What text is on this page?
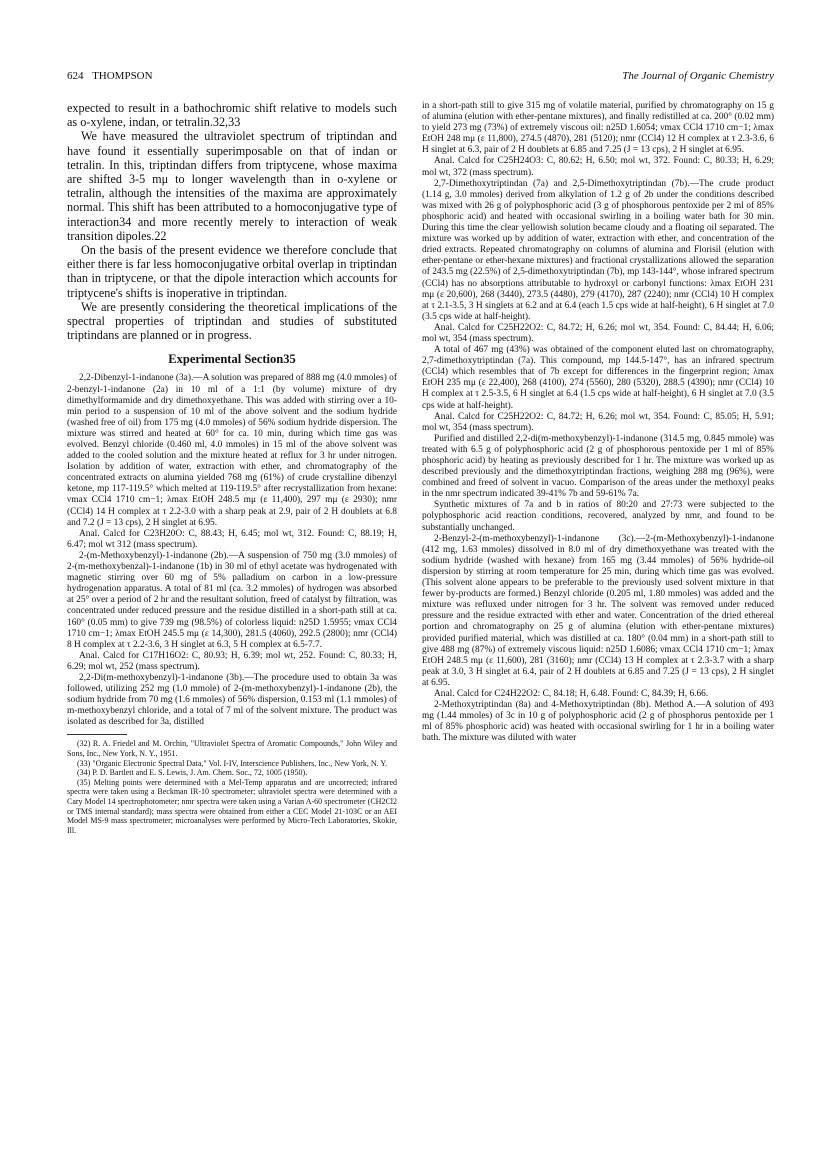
624 THOMPSON	The Journal of Organic Chemistry

expected to result in a bathochromic shift relative to models such as o-xylene, indan, or tetralin.32,33

We have measured the ultraviolet spectrum of triptindan and have found it essentially superimposable on that of indan or tetralin. In this, triptindan differs from triptycene, whose maxima are shifted 3-5 mμ to longer wavelength than in o-xylene or tetralin, although the intensities of the maxima are approximately normal. This shift has been attributed to a homoconjugative type of interaction34 and more recently merely to interaction of weak transition dipoles.22

On the basis of the present evidence we therefore conclude that either there is far less homoconjugative orbital overlap in triptindan than in triptycene, or that the dipole interaction which accounts for triptycene's shifts is inoperative in triptindan.

We are presently considering the theoretical implications of the spectral properties of triptindan and studies of substituted triptindans are planned or in progress.

Experimental Section35

2,2-Dibenzyl-1-indanone (3a).—A solution was prepared of 888 mg (4.0 mmoles) of 2-benzyl-1-indanone (2a) in 10 ml of a 1:1 (by volume) mixture of dry dimethylformamide and dry dimethoxyethane. This was added with stirring over a 10-min period to a suspension of 10 ml of the above solvent and the sodium hydride (washed free of oil) from 175 mg (4.0 mmoles) of 56% sodium hydride dispersion. The mixture was stirred and heated at 60° for ca. 10 min, during which time gas was evolved. Benzyl chloride (0.460 ml, 4.0 mmoles) in 15 ml of the above solvent was added to the cooled solution and the mixture heated at reflux for 3 hr under nitrogen. Isolation by addition of water, extraction with ether, and chromatography of the concentrated extracts on alumina yielded 768 mg (61%) of crude crystalline dibenzyl ketone, mp 117-119.5° which melted at 119-119.5° after recrystallization from hexane: νmax CCl4 1710 cm−1; λmax EtOH 248.5 mμ (ε 11,400), 297 mμ (ε 2930); nmr (CCl4) 14 H complex at τ 2.2-3.0 with a sharp peak at 2.9, pair of 2 H doublets at 6.8 and 7.2 (J = 13 cps), 2 H singlet at 6.95.

Anal. Calcd for C23H20O: C, 88.43; H, 6.45; mol wt, 312. Found: C, 88.19; H, 6.47; mol wt 312 (mass spectrum).

2-(m-Methoxybenzyl)-1-indanone (2b).—A suspension of 750 mg (3.0 mmoles) of 2-(m-methoxybenzal)-1-indanone (1b) in 30 ml of ethyl acetate was hydrogenated with magnetic stirring over 60 mg of 5% palladium on carbon in a low-pressure hydrogenation apparatus. A total of 81 ml (ca. 3.2 mmoles) of hydrogen was absorbed at 25° over a period of 2 hr and the resultant solution, freed of catalyst by filtration, was concentrated under reduced pressure and the residue distilled in a short-path still at ca. 160° (0.05 mm) to give 739 mg (98.5%) of colorless liquid: n25D 1.5955; νmax CCl4 1710 cm−1; λmax EtOH 245.5 mμ (ε 14,300), 281.5 (4060), 292.5 (2800); nmr (CCl4) 8 H complex at τ 2.2-3.6, 3 H singlet at 6.3, 5 H complex at 6.5-7.7.

Anal. Calcd for C17H16O2: C, 80.93; H, 6.39; mol wt, 252. Found: C, 80.33; H, 6.29; mol wt, 252 (mass spectrum).

2,2-Di(m-methoxybenzyl)-1-indanone (3b).—The procedure used to obtain 3a was followed, utilizing 252 mg (1.0 mmole) of 2-(m-methoxybenzyl)-1-indanone (2b), the sodium hydride from 70 mg (1.6 mmoles) of 56% dispersion, 0.153 ml (1.1 mmoles) of m-methoxybenzyl chloride, and a total of 7 ml of the solvent mixture. The product was isolated as described for 3a, distilled

(32) R. A. Friedel and M. Orchin, "Ultraviolet Spectra of Aromatic Compounds," John Wiley and Sons, Inc., New York, N. Y., 1951.

(33) "Organic Electronic Spectral Data," Vol. I-IV, Interscience Publishers, Inc., New York, N. Y.

(34) P. D. Bartlett and E. S. Lewis, J. Am. Chem. Soc., 72, 1005 (1950).

(35) Melting points were determined with a Mel-Temp apparatus and are uncorrected; infrared spectra were taken using a Beckman IR-10 spectrometer; ultraviolet spectra were determined with a Cary Model 14 spectrophotometer; nmr spectra were taken using a Varian A-60 spectrometer (CH2Cl2 or TMS internal standard); mass spectra were obtained from either a CEC Model 21-103C or an AEI Model MS-9 mass spectrometer; microanalyses were performed by Micro-Tech Laboratories, Skokie, Ill.

in a short-path still to give 315 mg of volatile material, purified by chromatography on 15 g of alumina (elution with ether-pentane mixtures), and finally redistilled at ca. 200° (0.02 mm) to yield 273 mg (73%) of extremely viscous oil: n25D 1.6054; νmax CCl4 1710 cm−1; λmax EtOH 248 mμ (ε 11,800), 274.5 (4870), 281 (5120); nmr (CCl4) 12 H complex at τ 2.3-3.6, 6 H singlet at 6.3, pair of 2 H doublets at 6.85 and 7.25 (J = 13 cps), 2 H singlet at 6.95.

Anal. Calcd for C25H24O3: C, 80.62; H, 6.50; mol wt, 372. Found: C, 80.33; H, 6.29; mol wt, 372 (mass spectrum).

2,7-Dimethoxytriptindan (7a) and 2,5-Dimethoxytriptindan (7b).—The crude product (1.14 g, 3.0 mmoles) derived from alkylation of 1.2 g of 2b under the conditions described was mixed with 26 g of polyphosphoric acid (3 g of phosphorous pentoxide per 2 ml of 85% phosphoric acid) and heated with occasional swirling in a boiling water bath for 30 min. During this time the clear yellowish solution became cloudy and a floating oil separated. The mixture was worked up by addition of water, extraction with ether, and concentration of the dried extracts. Repeated chromatography on columns of alumina and Florisil (elution with ether-pentane or ether-hexane mixtures) and fractional crystallizations allowed the separation of 243.5 mg (22.5%) of 2,5-dimethoxytriptindan (7b), mp 143-144°, whose infrared spectrum (CCl4) has no absorptions attributable to hydroxyl or carbonyl functions: λmax EtOH 231 mμ (ε 20,600), 268 (3440), 273.5 (4480), 279 (4170), 287 (2240); nmr (CCl4) 10 H complex at τ 2.1-3.5, 3 H singlets at 6.2 and at 6.4 (each 1.5 cps wide at half-height), 6 H singlet at 7.0 (3.5 cps wide at half-height).

Anal. Calcd for C25H22O2: C, 84.72; H, 6.26; mol wt, 354. Found: C, 84.44; H, 6.06; mol wt, 354 (mass spectrum).

A total of 467 mg (43%) was obtained of the component eluted last on chromatography, 2,7-dimethoxytriptindan (7a). This compound, mp 144.5-147°, has an infrared spectrum (CCl4) which resembles that of 7b except for differences in the fingerprint region; λmax EtOH 235 mμ (ε 22,400), 268 (4100), 274 (5560), 280 (5320), 288.5 (4390); nmr (CCl4) 10 H complex at τ 2.5-3.5, 6 H singlet at 6.4 (1.5 cps wide at half-height), 6 H singlet at 7.0 (3.5 cps wide at half-height).

Anal. Calcd for C25H22O2: C, 84.72; H, 6.26; mol wt, 354. Found: C, 85.05; H, 5.91; mol wt, 354 (mass spectrum).

Purified and distilled 2,2-di(m-methoxybenzyl)-1-indanone (314.5 mg, 0.845 mmole) was treated with 6.5 g of polyphosphoric acid (2 g of phosphorous pentoxide per 1 ml of 85% phosphoric acid) by heating as previously described for 1 hr. The mixture was worked up as described previously and the dimethoxytriptindan fractions, weighing 288 mg (96%), were combined and freed of solvent in vacuo. Comparison of the areas under the methoxyl peaks in the nmr spectrum indicated 39-41% 7b and 59-61% 7a.

Synthetic mixtures of 7a and b in ratios of 80:20 and 27:73 were subjected to the polyphosphoric acid reaction conditions, recovered, analyzed by nmr, and found to be substantially unchanged.

2-Benzyl-2-(m-methoxybenzyl)-1-indanone (3c).—2-(m-Methoxybenzyl)-1-indanone (412 mg, 1.63 mmoles) dissolved in 8.0 ml of dry dimethoxyethane was treated with the sodium hydride (washed with hexane) from 165 mg (3.44 mmoles) of 56% hydride-oil dispersion by stirring at room temperature for 25 min, during which time gas was evolved. (This solvent alone appears to be preferable to the previously used solvent mixture in that fewer by-products are formed.) Benzyl chloride (0.205 ml, 1.80 mmoles) was added and the mixture was refluxed under nitrogen for 3 hr. The solvent was removed under reduced pressure and the residue extracted with ether and water. Concentration of the dried ethereal portion and chromatography on 25 g of alumina (elution with ether-pentane mixtures) provided purified material, which was distilled at ca. 180° (0.04 mm) in a short-path still to give 488 mg (87%) of extremely viscous liquid: n25D 1.6086; νmax CCl4 1710 cm−1; λmax EtOH 248.5 mμ (ε 11,600), 281 (3160); nmr (CCl4) 13 H complex at τ 2.3-3.7 with a sharp peak at 3.0, 3 H singlet at 6.4, pair of 2 H doublets at 6.85 and 7.25 (J = 13 cps), 2 H singlet at 6.95.

Anal. Calcd for C24H22O2: C, 84.18; H, 6.48. Found: C, 84.39; H, 6.66.

2-Methoxytriptindan (8a) and 4-Methoxytriptindan (8b). Method A.—A solution of 493 mg (1.44 mmoles) of 3c in 10 g of polyphosphoric acid (2 g of phosphorus pentoxide per 1 ml of 85% phosphoric acid) was heated with occasional swirling for 1 hr in a boiling water bath. The mixture was diluted with water
